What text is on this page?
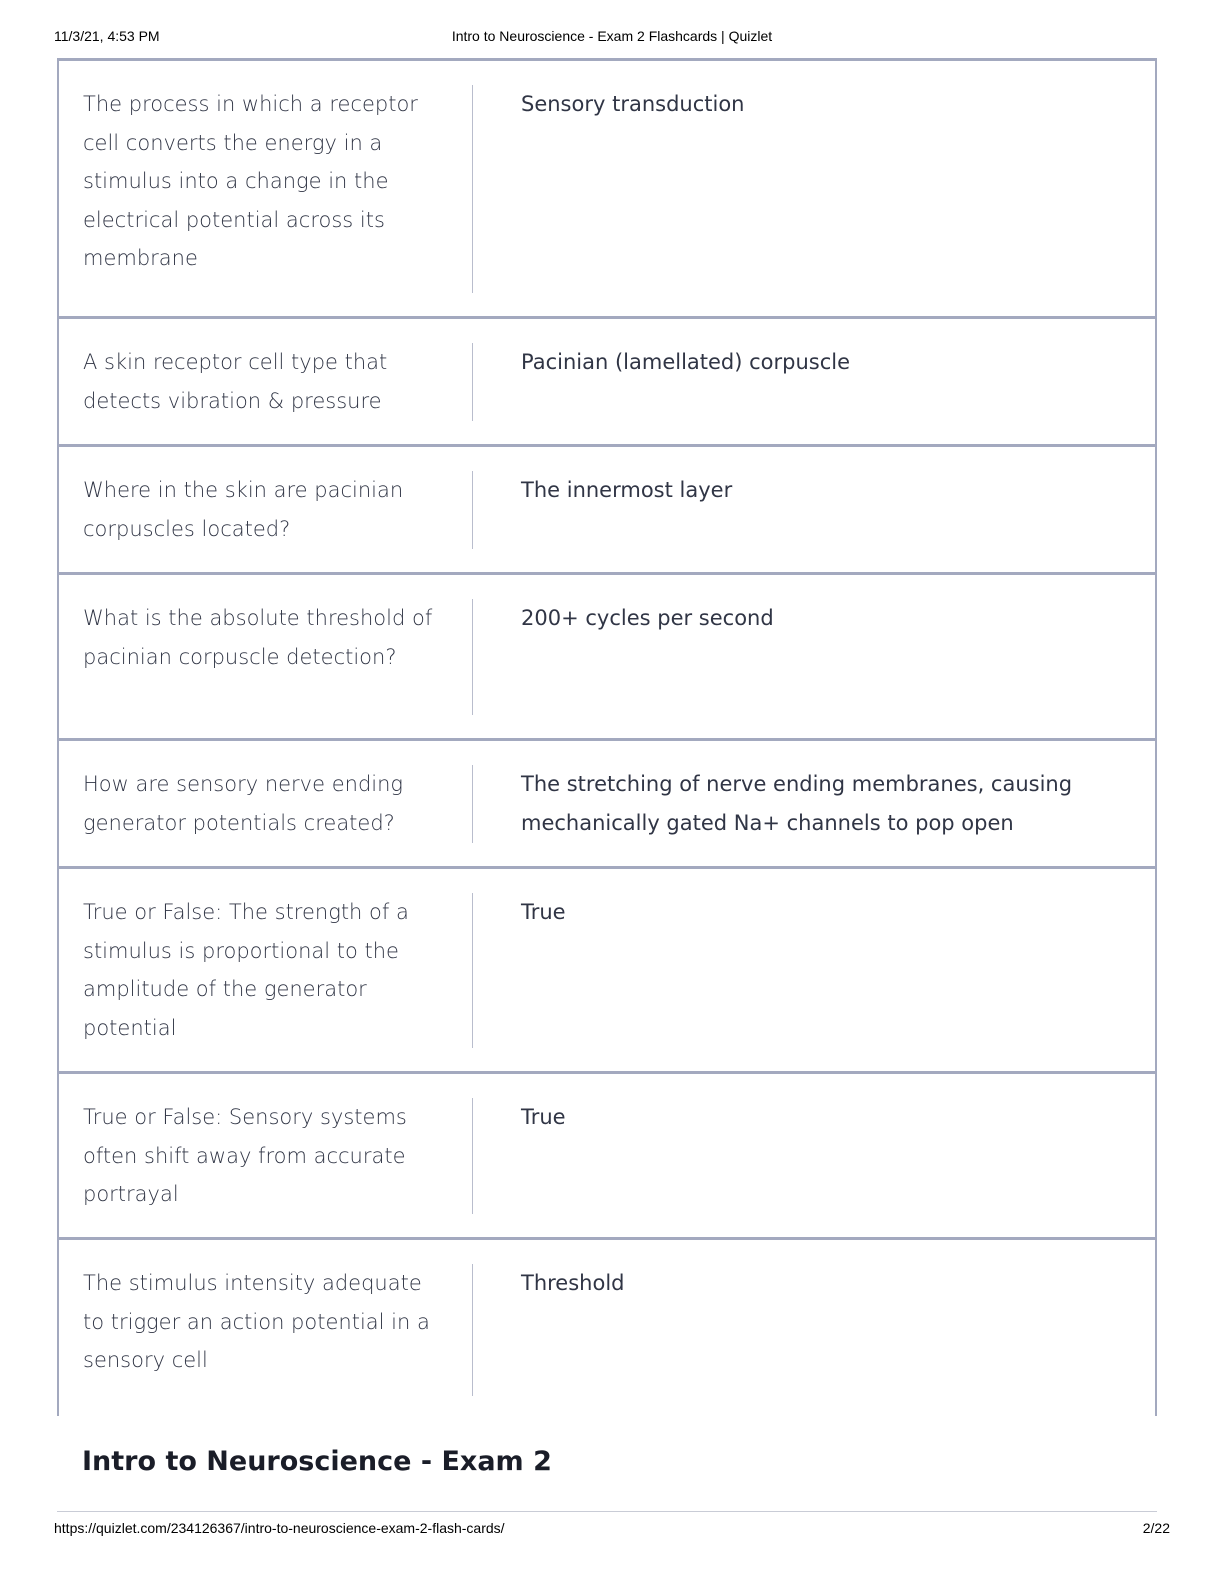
11/3/21, 4:53 PM	Intro to Neuroscience - Exam 2 Flashcards | Quizlet
The process in which a receptor cell converts the energy in a stimulus into a change in the electrical potential across its membrane
Sensory transduction
A skin receptor cell type that detects vibration & pressure
Pacinian (lamellated) corpuscle
Where in the skin are pacinian corpuscles located?
The innermost layer
What is the absolute threshold of pacinian corpuscle detection?
200+ cycles per second
How are sensory nerve ending generator potentials created?
The stretching of nerve ending membranes, causing mechanically gated Na+ channels to pop open
True or False: The strength of a stimulus is proportional to the amplitude of the generator potential
True
True or False: Sensory systems often shift away from accurate portrayal
True
The stimulus intensity adequate to trigger an action potential in a sensory cell
Threshold
Intro to Neuroscience - Exam 2
https://quizlet.com/234126367/intro-to-neuroscience-exam-2-flash-cards/	2/22
